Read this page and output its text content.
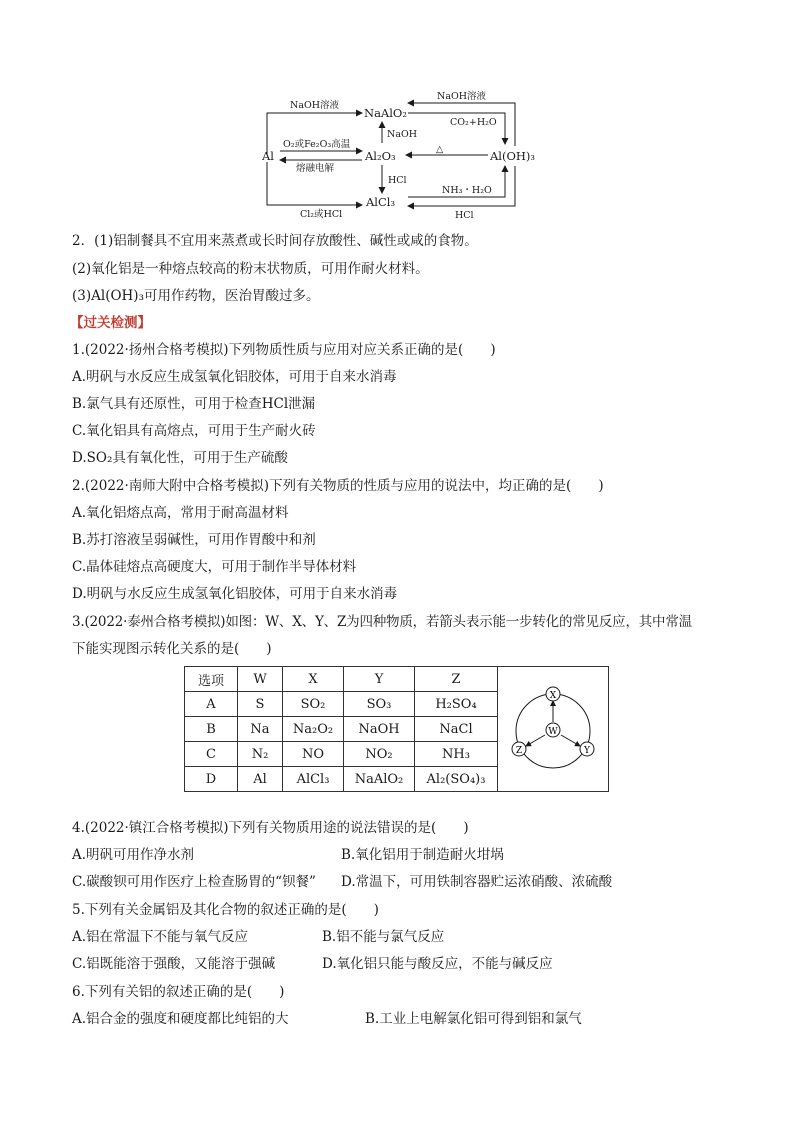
Al
NaAlO₂
Al₂O₃	Al(OH)₃
AlCl₃
NaOH溶液
O₂或Fe₂O₃高温
熔融电解
Cl₂或HCl
NaOH
HCl
△
NaOH溶液
CO₂+H₂O
NH₃・H₂O
HCl
2．(1)铝制餐具不宜用来蒸煮或长时间存放酸性、碱性或咸的食物。
(2)氧化铝是一种熔点较高的粉末状物质，可用作耐火材料。
(3)Al(OH)₃可用作药物，医治胃酸过多。
【过关检测】
1.(2022·扬州合格考模拟)下列物质性质与应用对应关系正确的是(　　)
A.明矾与水反应生成氢氧化铝胶体，可用于自来水消毒
B.氯气具有还原性，可用于检查HCl泄漏
C.氧化铝具有高熔点，可用于生产耐火砖
D.SO₂具有氧化性，可用于生产硫酸
2.(2022·南师大附中合格考模拟)下列有关物质的性质与应用的说法中，均正确的是(　　)
A.氧化铝熔点高，常用于耐高温材料
B.苏打溶液呈弱碱性，可用作胃酸中和剂
C.晶体硅熔点高硬度大，可用于制作半导体材料
D.明矾与水反应生成氢氧化铝胶体，可用于自来水消毒
3.(2022·泰州合格考模拟)如图：W、X、Y、Z为四种物质，若箭头表示能一步转化的常见反应，其中常温
下能实现图示转化关系的是(　　)
选项	W	X	Y	Z
A	S	SO₂	SO₃	H₂SO₄
B	Na	Na₂O₂	NaOH	NaCl
C	N₂	NO	NO₂	NH₃
D	Al	AlCl₃	NaAlO₂	Al₂(SO₄)₃
X
W
Y
Z
4.(2022·镇江合格考模拟)下列有关物质用途的说法错误的是(　　)
A.明矾可用作净水剂	B.氧化铝用于制造耐火坩埚
C.碳酸钡可用作医疗上检查肠胃的“钡餐” D.常温下，可用铁制容器贮运浓硝酸、浓硫酸
5.下列有关金属铝及其化合物的叙述正确的是(　　)
A.铝在常温下不能与氧气反应	B.铝不能与氯气反应
C.铝既能溶于强酸，又能溶于强碱	D.氧化铝只能与酸反应，不能与碱反应
6.下列有关铝的叙述正确的是(　　)
A.铝合金的强度和硬度都比纯铝的大	B.工业上电解氯化铝可得到铝和氯气
